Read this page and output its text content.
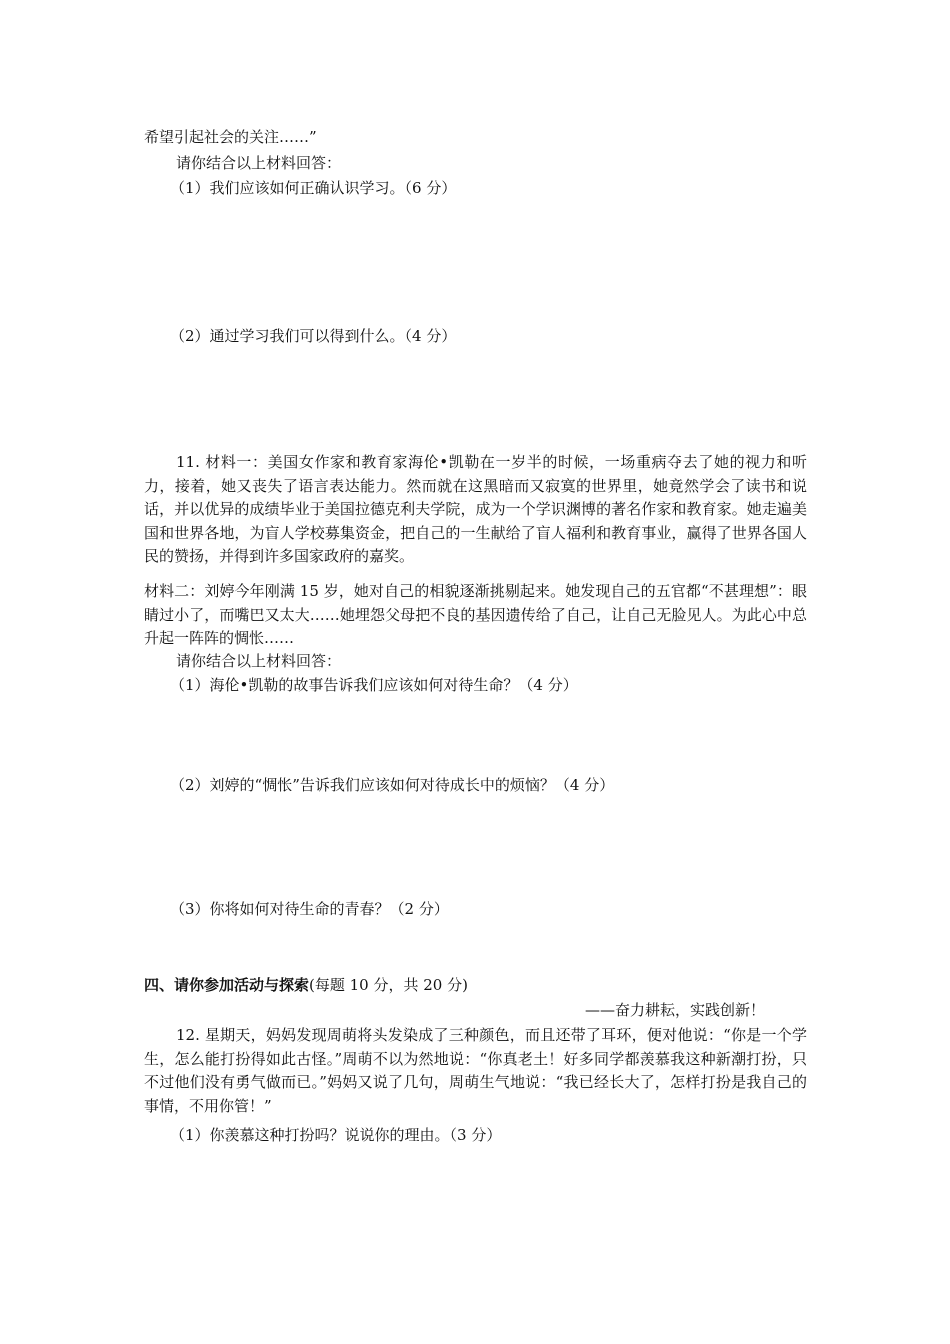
希望引起社会的关注……”
请你结合以上材料回答：
（1）我们应该如何正确认识学习。（6 分）
（2）通过学习我们可以得到什么。（4 分）
11. 材料一：美国女作家和教育家海伦•凯勒在一岁半的时候，一场重病夺去了她的视力和听力，接着，她又丧失了语言表达能力。然而就在这黑暗而又寂寞的世界里，她竟然学会了读书和说话，并以优异的成绩毕业于美国拉德克利夫学院，成为一个学识渊博的著名作家和教育家。她走遍美国和世界各地，为盲人学校募集资金，把自己的一生献给了盲人福利和教育事业，赢得了世界各国人民的赞扬，并得到许多国家政府的嘉奖。
材料二：刘婷今年刚满 15 岁，她对自己的相貌逐渐挑剔起来。她发现自己的五官都“不甚理想”：眼睛过小了，而嘴巴又太大……她埋怨父母把不良的基因遗传给了自己，让自己无脸见人。为此心中总升起一阵阵的惆怅……
请你结合以上材料回答：
（1）海伦•凯勒的故事告诉我们应该如何对待生命？（4 分）
（2）刘婷的“惆怅”告诉我们应该如何对待成长中的烦恼？（4 分）
（3）你将如何对待生命的青春？（2 分）
四、请你参加活动与探索(每题 10 分，共 20 分)
——奋力耕耘，实践创新！
12. 星期天，妈妈发现周萌将头发染成了三种颜色，而且还带了耳环，便对他说：“你是一个学生，怎么能打扮得如此古怪。”周萌不以为然地说：“你真老土！好多同学都羡慕我这种新潮打扮，只不过他们没有勇气做而已。”妈妈又说了几句，周萌生气地说：“我已经长大了，怎样打扮是我自己的事情，不用你管！”
（1）你羡慕这种打扮吗？说说你的理由。（3 分）
